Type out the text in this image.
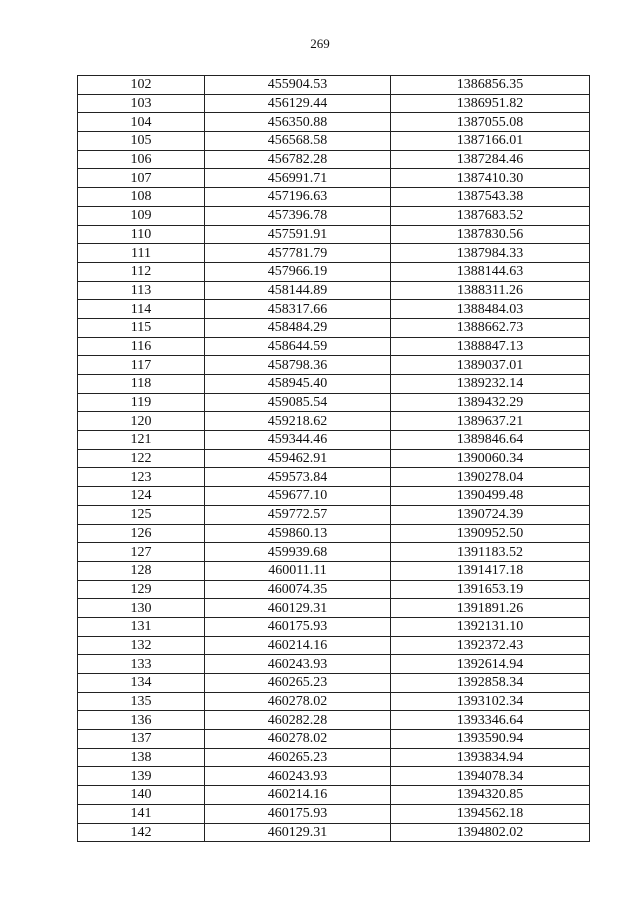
269
102	455904.53	1386856.35
103	456129.44	1386951.82
104	456350.88	1387055.08
105	456568.58	1387166.01
106	456782.28	1387284.46
107	456991.71	1387410.30
108	457196.63	1387543.38
109	457396.78	1387683.52
110	457591.91	1387830.56
111	457781.79	1387984.33
112	457966.19	1388144.63
113	458144.89	1388311.26
114	458317.66	1388484.03
115	458484.29	1388662.73
116	458644.59	1388847.13
117	458798.36	1389037.01
118	458945.40	1389232.14
119	459085.54	1389432.29
120	459218.62	1389637.21
121	459344.46	1389846.64
122	459462.91	1390060.34
123	459573.84	1390278.04
124	459677.10	1390499.48
125	459772.57	1390724.39
126	459860.13	1390952.50
127	459939.68	1391183.52
128	460011.11	1391417.18
129	460074.35	1391653.19
130	460129.31	1391891.26
131	460175.93	1392131.10
132	460214.16	1392372.43
133	460243.93	1392614.94
134	460265.23	1392858.34
135	460278.02	1393102.34
136	460282.28	1393346.64
137	460278.02	1393590.94
138	460265.23	1393834.94
139	460243.93	1394078.34
140	460214.16	1394320.85
141	460175.93	1394562.18
142	460129.31	1394802.02
